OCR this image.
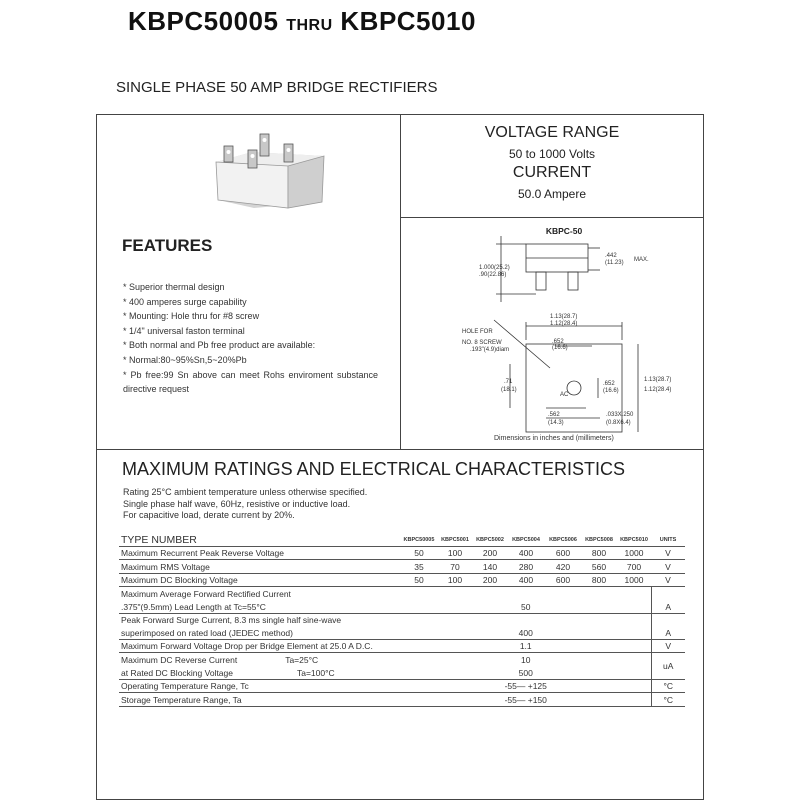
KBPC50005 THRU KBPC5010
SINGLE PHASE 50 AMP BRIDGE RECTIFIERS
FEATURES
* Superior thermal design
* 400 amperes surge capability
* Mounting: Hole thru for #8 screw
* 1/4" universal faston terminal
* Both normal and Pb free product are available:
* Normal:80~95%Sn,5~20%Pb
* Pb free:99 Sn above can meet Rohs enviroment substance directive request
VOLTAGE RANGE
50 to 1000 Volts
CURRENT
50.0 Ampere
KBPC-50
1.000(25.2) .90(22.86)
.442 (11.23) MAX.
1.13(28.7) 1.12(28.4)
HOLE FOR NO. 8 SCREW .193"(4.9)diam
.652 (16.6)
.71 (18.1)
.652 (16.6)
1.13(28.7) 1.12(28.4)
.562 (14.3)
.033X.250 (0.8X6.4)
AC
Dimensions in inches and (millimeters)
MAXIMUM RATINGS AND ELECTRICAL CHARACTERISTICS
Rating 25°C ambient temperature unless otherwise specified.
Single phase half wave, 60Hz, resistive or inductive load.
For capacitive load, derate current by 20%.
TYPE NUMBER	KBPC50005	KBPC5001	KBPC5002	KBPC5004	KBPC5006	KBPC5008	KBPC5010	UNITS
Maximum Recurrent Peak Reverse Voltage	50	100	200	400	600	800	1000	V
Maximum RMS Voltage	35	70	140	280	420	560	700	V
Maximum DC Blocking Voltage	50	100	200	400	600	800	1000	V
Maximum Average Forward Rectified Current								
.375"(9.5mm) Lead Length at Tc=55°C	50							A
Peak Forward Surge Current, 8.3 ms single half sine-wave								
superimposed on rated load (JEDEC method)	400							A
Maximum Forward Voltage Drop per Bridge Element at 25.0 A D.C.	1.1							V
Maximum DC Reverse Current Ta=25°C	10							uA
at Rated DC Blocking Voltage Ta=100°C	500							
Operating Temperature Range, Tc	-55— +125							°C
Storage Temperature Range, Ta	-55— +150							°C
